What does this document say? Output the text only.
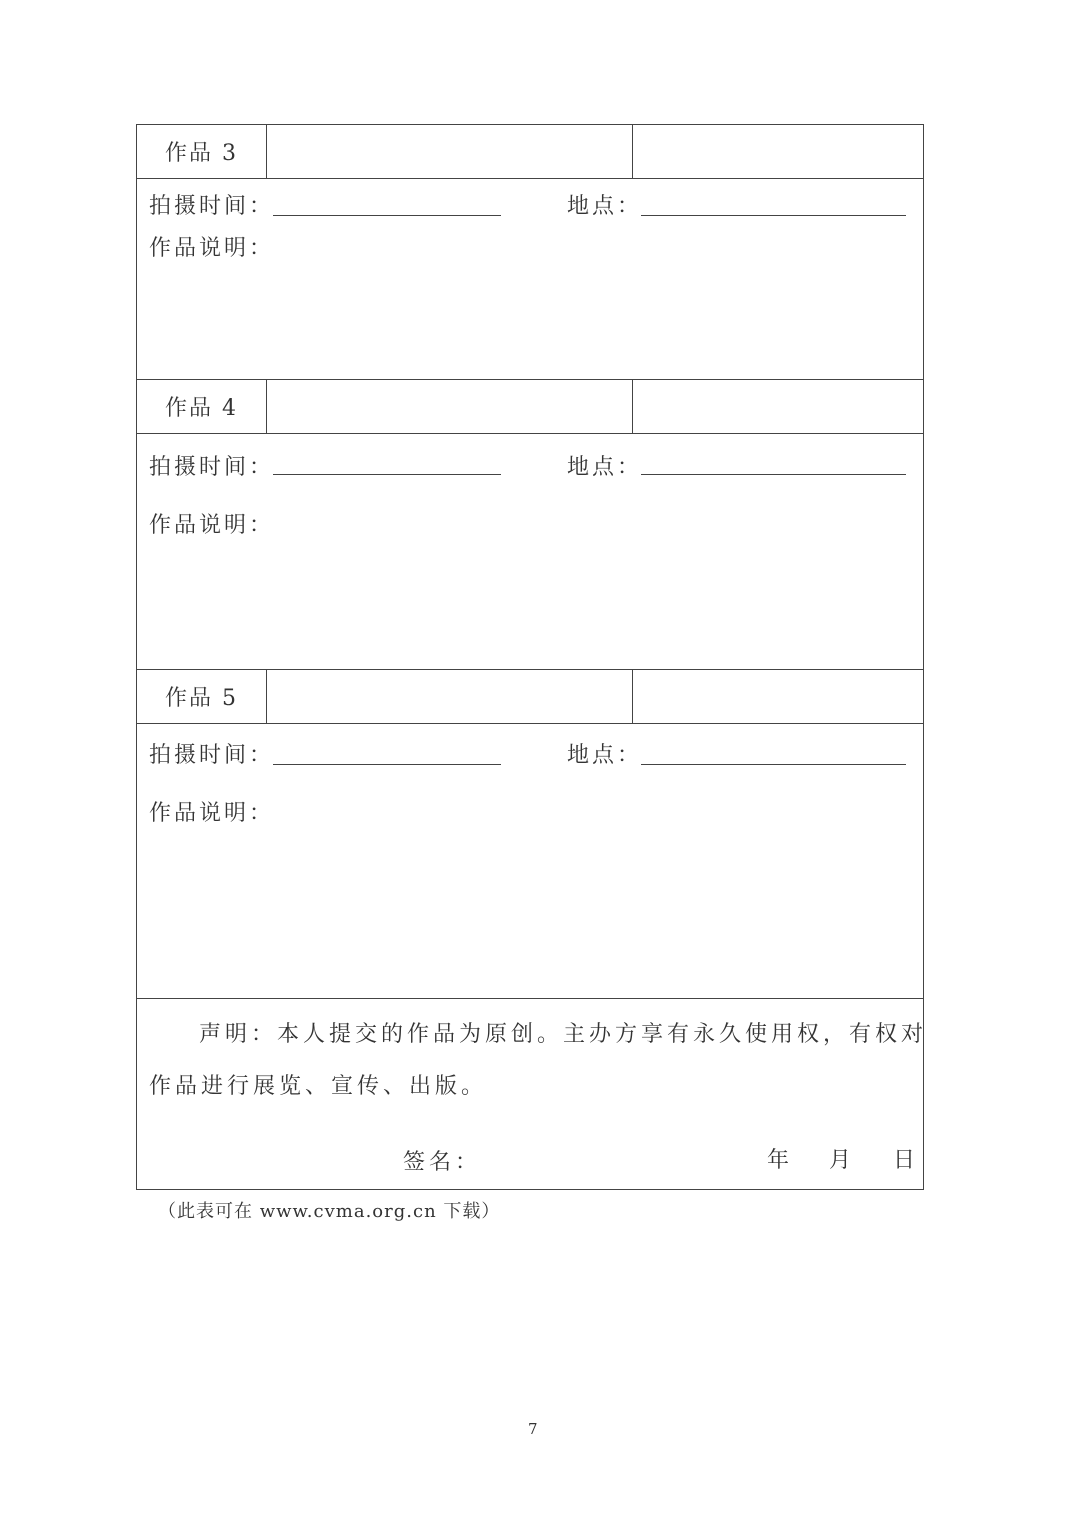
作品 3
拍摄时间：	地点：
作品说明：
作品 4
拍摄时间：	地点：
作品说明：
作品 5
拍摄时间：	地点：
作品说明：
声明：本人提交的作品为原创。主办方享有永久使用权，有权对
作品进行展览、宣传、出版。
签名：	年 月 日
（此表可在 www.cvma.org.cn 下载）
7
